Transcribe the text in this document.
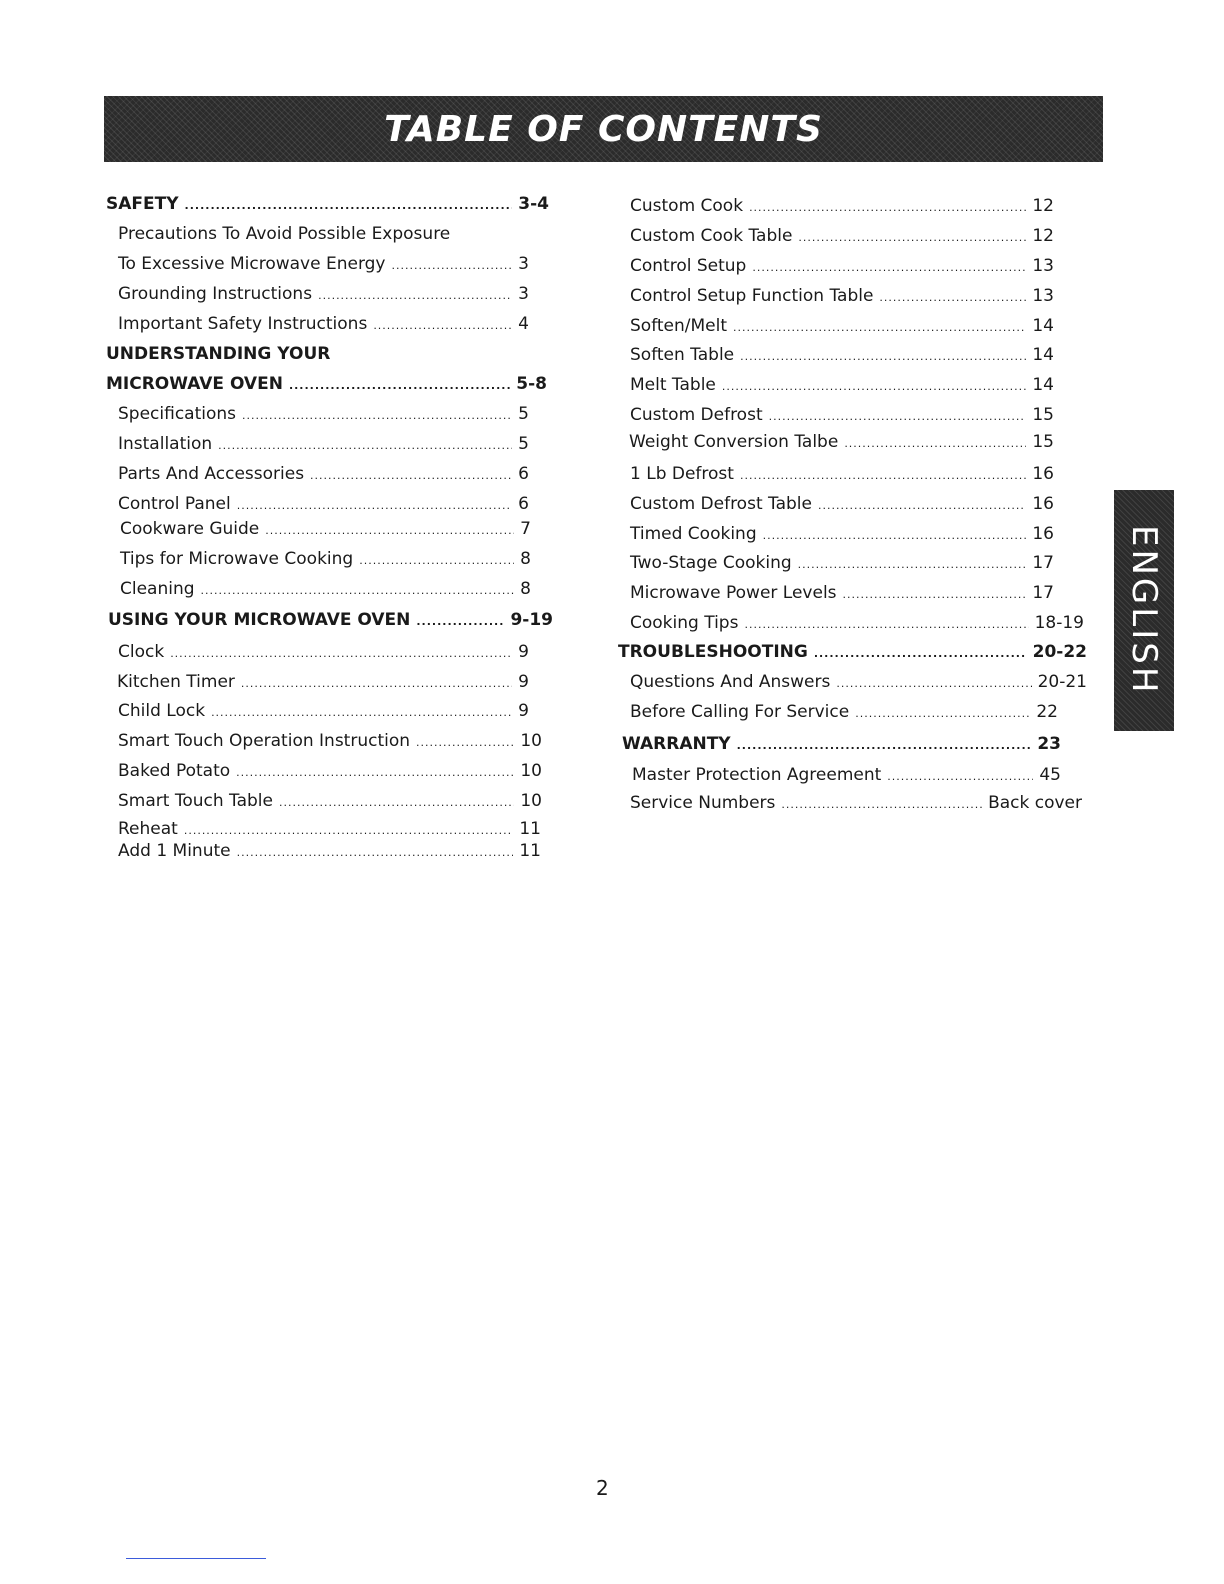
TABLE OF CONTENTS
ENGLISH
SAFETY .....	3-4
Precautions To Avoid Possible Exposure
To Excessive Microwave Energy .....	3
Grounding Instructions .....	3
Important Safety Instructions .....	4
UNDERSTANDING YOUR
MICROWAVE OVEN .....	5-8
Specifications .....	5
Installation .....	5
Parts And Accessories .....	6
Control Panel .....	6
Cookware Guide .....	7
Tips for Microwave Cooking .....	8
Cleaning .....	8
USING YOUR MICROWAVE OVEN .....	9-19
Clock .....	9
Kitchen Timer .....	9
Child Lock .....	9
Smart Touch Operation Instruction .....	10
Baked Potato .....	10
Smart Touch Table .....	10
Reheat .....	11
Add 1 Minute .....	11
Custom Cook .....	12
Custom Cook Table .....	12
Control Setup .....	13
Control Setup Function Table .....	13
Soften/Melt .....	14
Soften Table .....	14
Melt Table .....	14
Custom Defrost .....	15
Weight Conversion Talbe .....	15
1 Lb Defrost .....	16
Custom Defrost Table .....	16
Timed Cooking .....	16
Two-Stage Cooking .....	17
Microwave Power Levels .....	17
Cooking Tips .....	18-19
TROUBLESHOOTING .....	20-22
Questions And Answers .....	20-21
Before Calling For Service .....	22
WARRANTY .....	23
Master Protection Agreement .....	45
Service Numbers .....	Back cover
2
